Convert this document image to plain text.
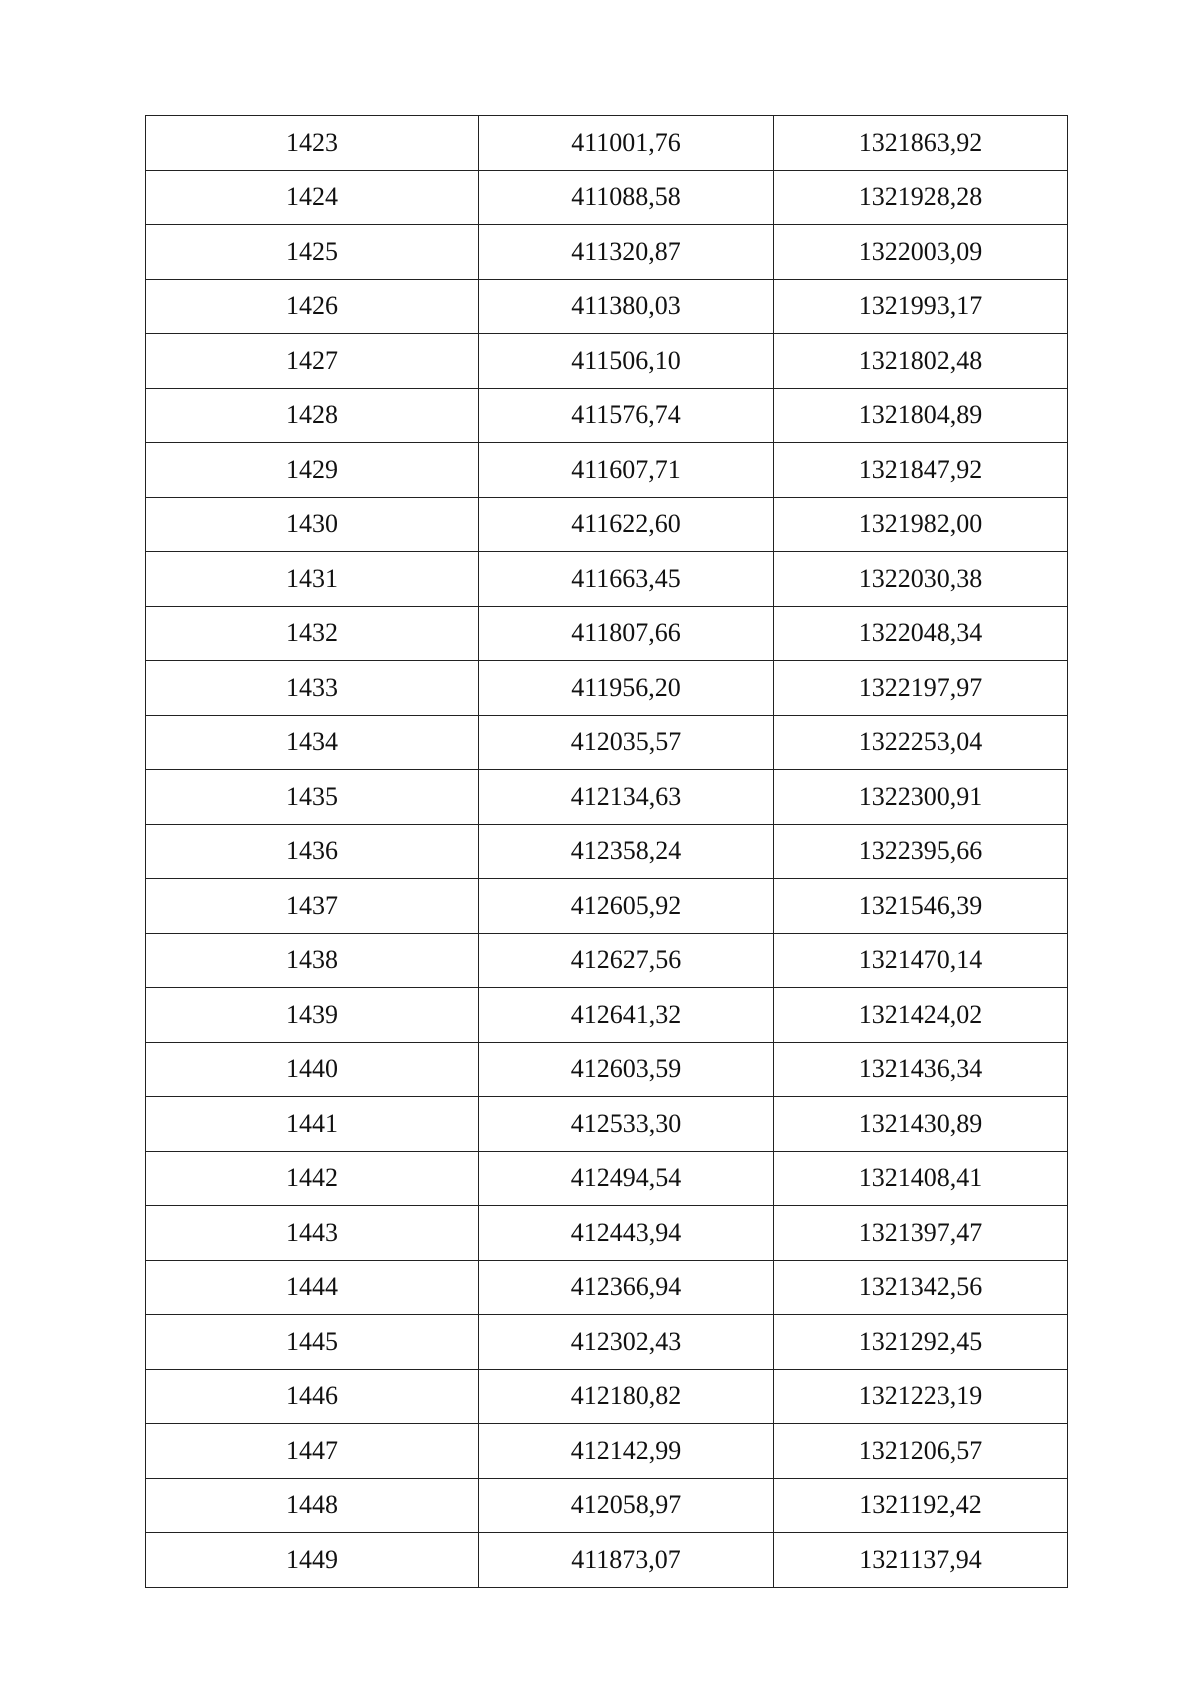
1423	411001,76	1321863,92
1424	411088,58	1321928,28
1425	411320,87	1322003,09
1426	411380,03	1321993,17
1427	411506,10	1321802,48
1428	411576,74	1321804,89
1429	411607,71	1321847,92
1430	411622,60	1321982,00
1431	411663,45	1322030,38
1432	411807,66	1322048,34
1433	411956,20	1322197,97
1434	412035,57	1322253,04
1435	412134,63	1322300,91
1436	412358,24	1322395,66
1437	412605,92	1321546,39
1438	412627,56	1321470,14
1439	412641,32	1321424,02
1440	412603,59	1321436,34
1441	412533,30	1321430,89
1442	412494,54	1321408,41
1443	412443,94	1321397,47
1444	412366,94	1321342,56
1445	412302,43	1321292,45
1446	412180,82	1321223,19
1447	412142,99	1321206,57
1448	412058,97	1321192,42
1449	411873,07	1321137,94
